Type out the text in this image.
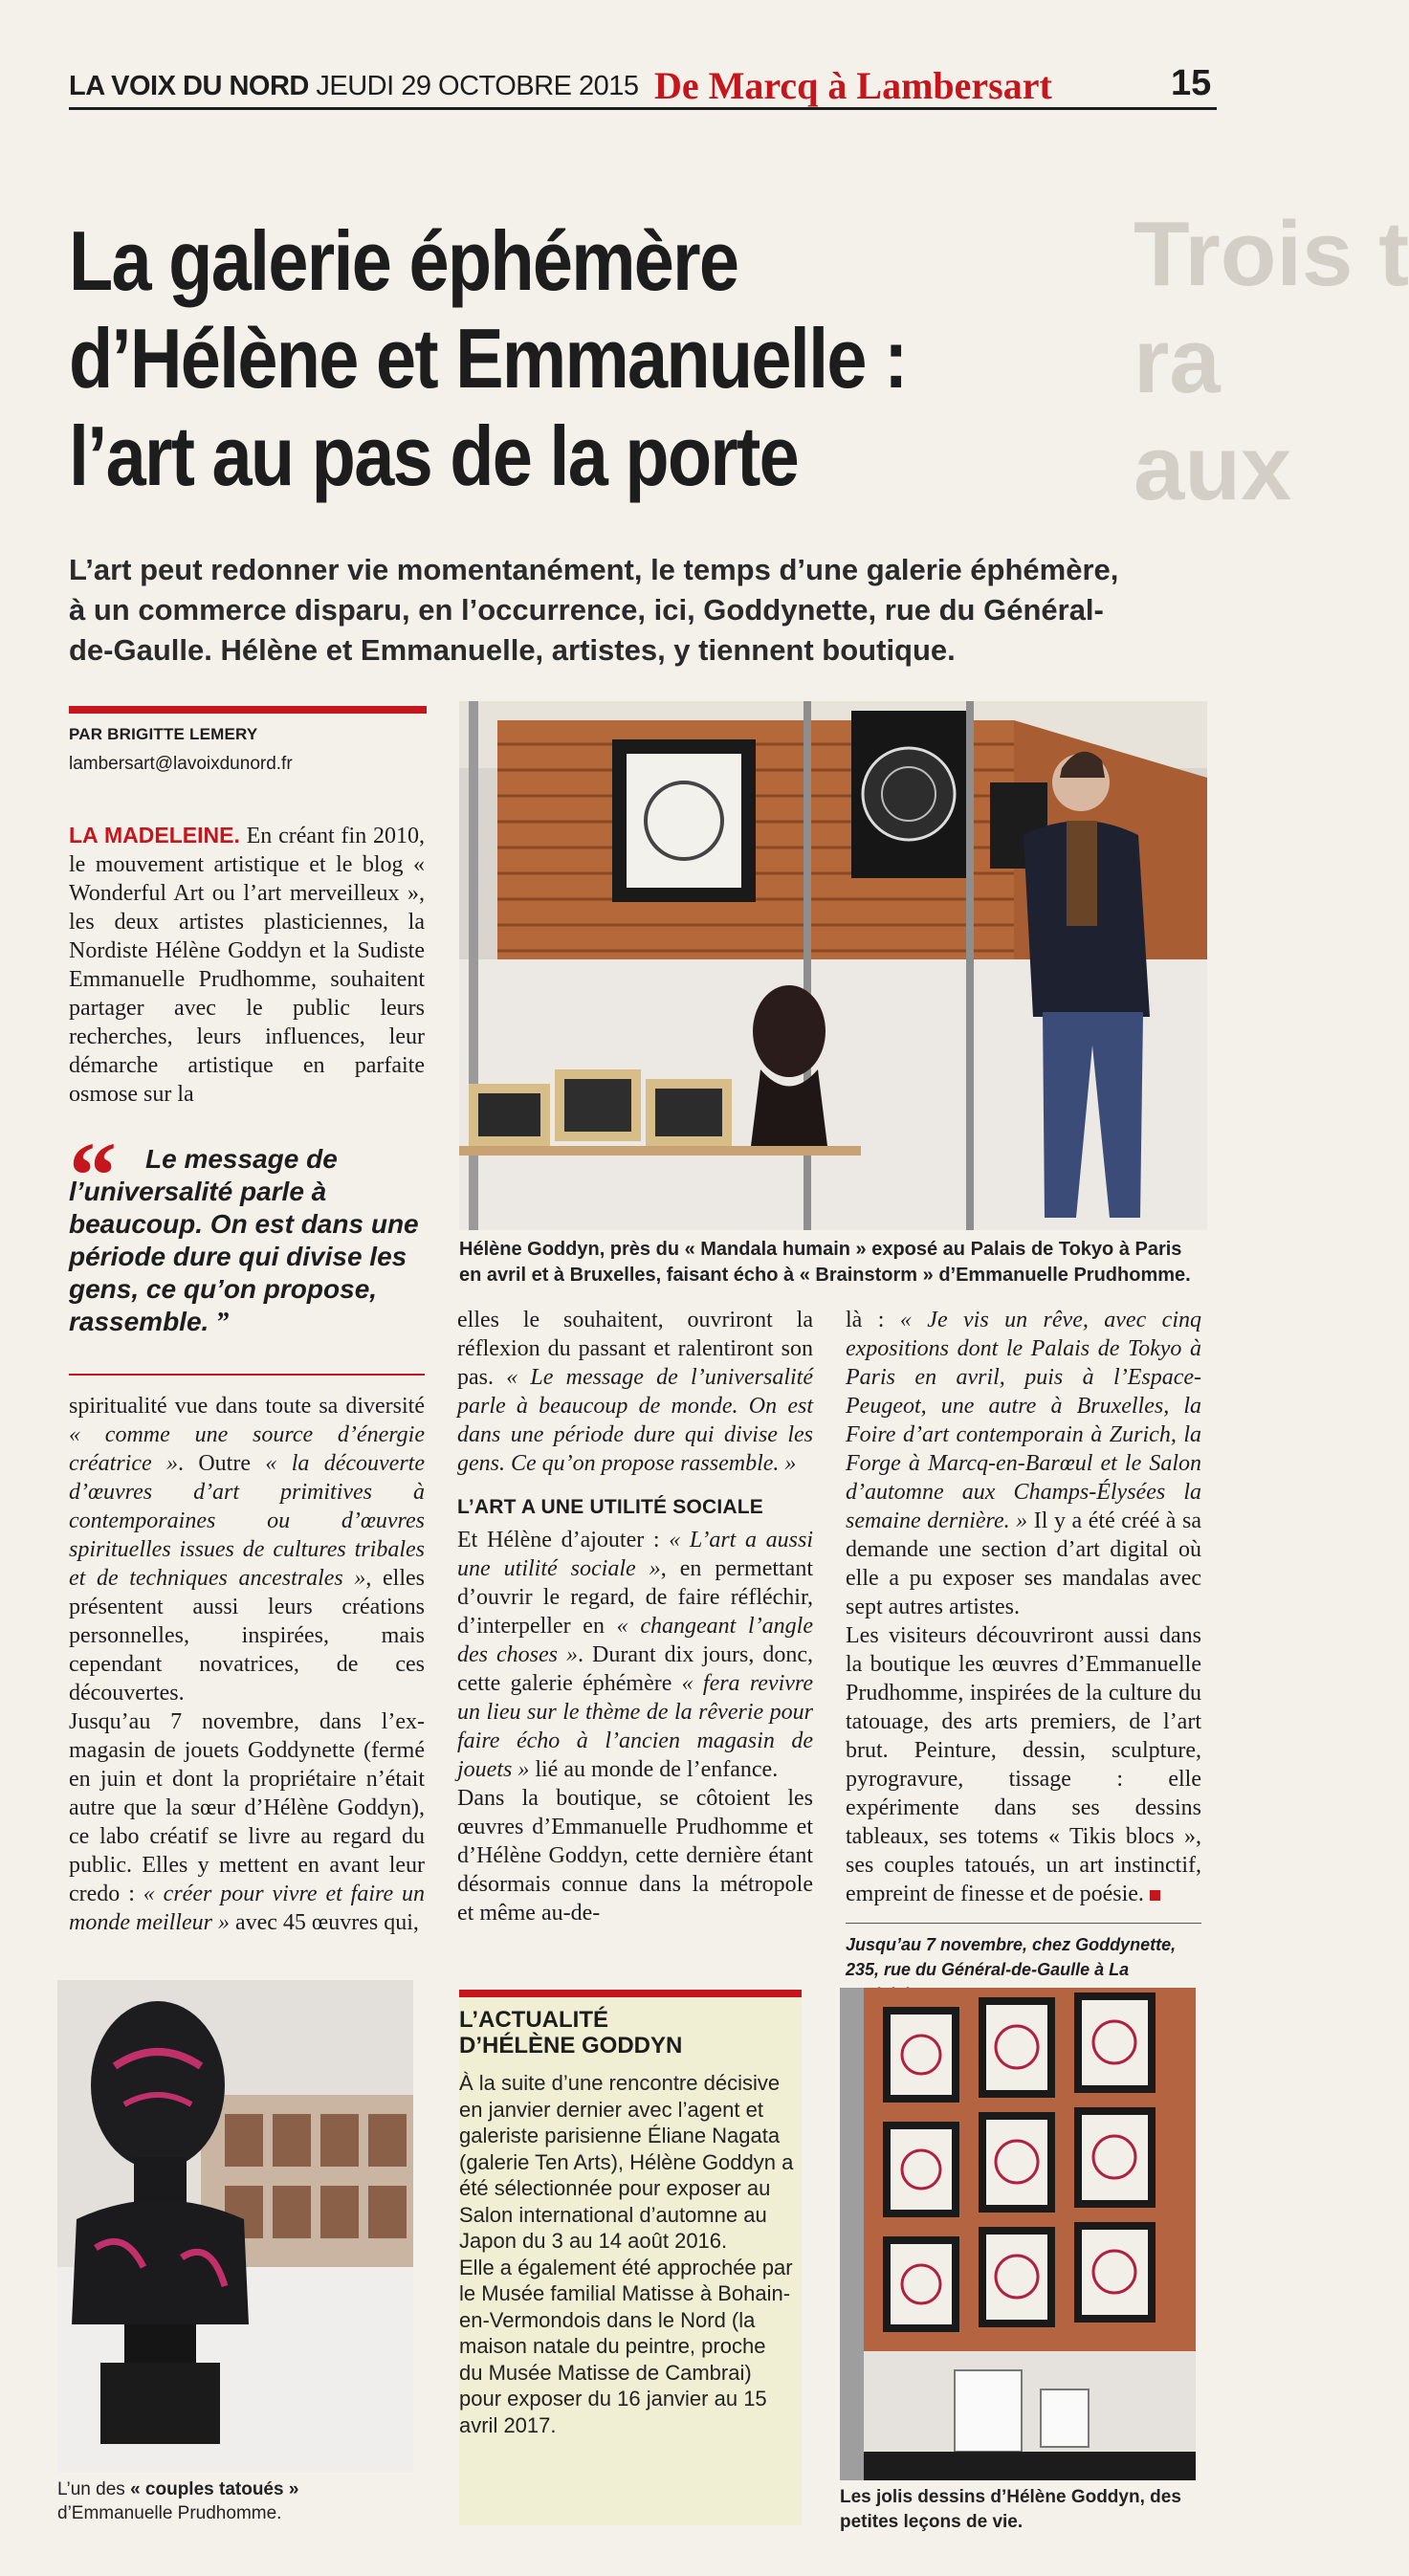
LA VOIX DU NORD JEUDI 29 OCTOBRE 2015 De Marcq à Lambersart	15
Trois t
ra
aux
La galerie éphémère
d’Hélène et Emmanuelle :
l’art au pas de la porte
L’art peut redonner vie momentanément, le temps d’une galerie éphémère, à un commerce disparu, en l’occurrence, ici, Goddynette, rue du Général-de-Gaulle. Hélène et Emmanuelle, artistes, y tiennent boutique.
PAR BRIGITTE LEMERY
lambersart@lavoixdunord.fr

LA MADELEINE. En créant fin 2010, le mouvement artistique et le blog « Wonderful Art ou l’art merveilleux », les deux artistes plasticiennes, la Nordiste Hélène Goddyn et la Sudiste Emmanuelle Prudhomme, souhaitent partager avec le public leurs recherches, leurs influences, leur démarche artistique en parfaite osmose sur la

“	Le message de l’universalité parle à beaucoup. On est dans une période dure qui divise les gens, ce qu’on propose, rassemble. ”

spiritualité vue dans toute sa diversité « comme une source d’énergie créatrice ». Outre « la découverte d’œuvres d’art primitives à contemporaines ou d’œuvres spirituelles issues de cultures tribales et de techniques ancestrales », elles présentent aussi leurs créations personnelles, inspirées, mais cependant novatrices, de ces découvertes.

Jusqu’au 7 novembre, dans l’ex-magasin de jouets Goddynette (fermé en juin et dont la propriétaire n’était autre que la sœur d’Hélène Goddyn), ce labo créatif se livre au regard du public. Elles y mettent en avant leur credo : « créer pour vivre et faire un monde meilleur » avec 45 œuvres qui,

elles le souhaitent, ouvriront la réflexion du passant et ralentiront son pas. « Le message de l’universalité parle à beaucoup de monde. On est dans une période dure qui divise les gens. Ce qu’on propose rassemble. »

L’ART A UNE UTILITÉ SOCIALE

Et Hélène d’ajouter : « L’art a aussi une utilité sociale », en permettant d’ouvrir le regard, de faire réfléchir, d’interpeller en « changeant l’angle des choses ». Durant dix jours, donc, cette galerie éphémère « fera revivre un lieu sur le thème de la rêverie pour faire écho à l’ancien magasin de jouets » lié au monde de l’enfance.

Dans la boutique, se côtoient les œuvres d’Emmanuelle Prudhomme et d’Hélène Goddyn, cette dernière étant désormais connue dans la métropole et même au-de-

là : « Je vis un rêve, avec cinq expositions dont le Palais de Tokyo à Paris en avril, puis à l’Espace-Peugeot, une autre à Bruxelles, la Foire d’art contemporain à Zurich, la Forge à Marcq-en-Barœul et le Salon d’automne aux Champs-Élysées la semaine dernière. » Il y a été créé à sa demande une section d’art digital où elle a pu exposer ses mandalas avec sept autres artistes.

Les visiteurs découvriront aussi dans la boutique les œuvres d’Emmanuelle Prudhomme, inspirées de la culture du tatouage, des arts premiers, de l’art brut. Peinture, dessin, sculpture, pyrogravure, tissage : elle expérimente dans ses dessins tableaux, ses totems « Tikis blocs », ses couples tatoués, un art instinctif, empreint de finesse et de poésie.

Jusqu’au 7 novembre, chez Goddynette, 235, rue du Général-de-Gaulle à La
Hélène Goddyn, près du « Mandala humain » exposé au Palais de Tokyo à Paris en avril et à Bruxelles, faisant écho à « Brainstorm » d’Emmanuelle Prudhomme.
L’un des « couples tatoués » d’Emmanuelle Prudhomme.
L’ACTUALITÉ
D’HÉLÈNE GODDYN

À la suite d’une rencontre décisive en janvier dernier avec l’agent et galeriste parisienne Éliane Nagata (galerie Ten Arts), Hélène Goddyn a été sélectionnée pour exposer au Salon international d’automne au Japon du 3 au 14 août 2016.

Elle a également été approchée par le Musée familial Matisse à Bohain-en-Vermondois dans le Nord (la maison natale du peintre, proche du Musée Matisse de Cambrai) pour exposer du 16 janvier au 15 avril 2017.

Les jolis dessins d’Hélène Goddyn, des petites leçons de vie.
